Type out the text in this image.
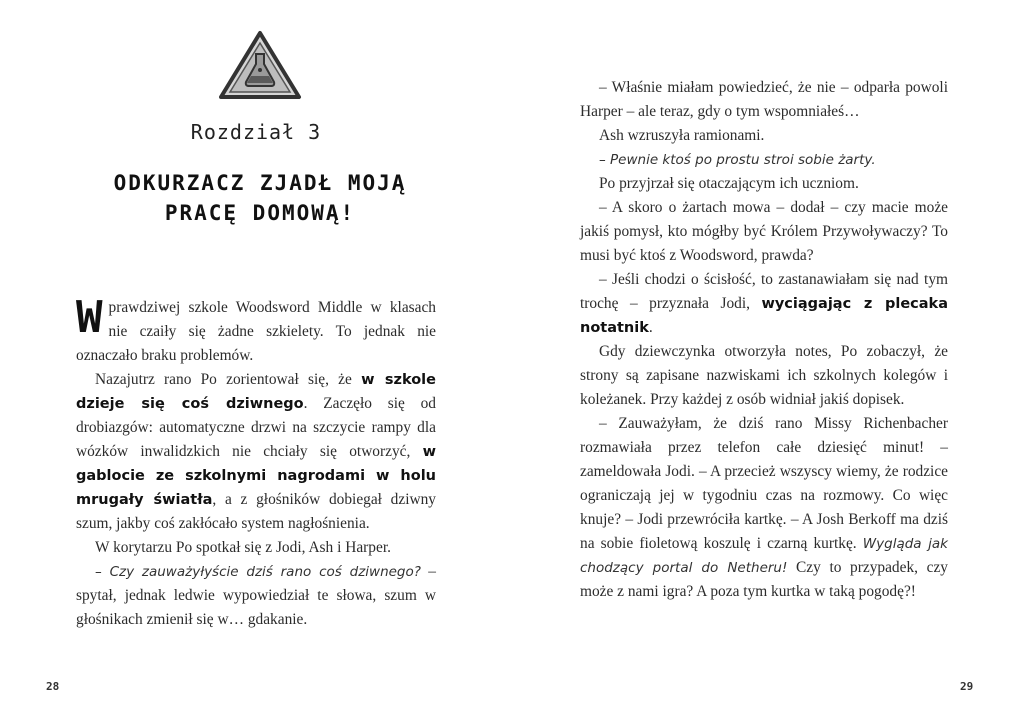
Rozdział 3
ODKURZACZ ZJADŁ MOJĄ
PRACĘ DOMOWĄ!

Wprawdziwej szkole Woodsword Middle w klasach nie czaiły się żadne szkielety. To jednak nie oznaczało braku problemów.

Nazajutrz rano Po zorientował się, że w szkole dzieje się coś dziwnego. Zaczęło się od drobiazgów: automatyczne drzwi na szczycie rampy dla wózków inwalidzkich nie chciały się otworzyć, w gablocie ze szkolnymi nagrodami w holu mrugały światła, a z głośników dobiegał dziwny szum, jakby coś zakłócało system nagłośnienia.

W korytarzu Po spotkał się z Jodi, Ash i Harper.

– Czy zauważyłyście dziś rano coś dziwnego? – spytał, jednak ledwie wypowiedział te słowa, szum w głośnikach zmienił się w… gdakanie.

28

– Właśnie miałam powiedzieć, że nie – odparła powoli Harper – ale teraz, gdy o tym wspomniałeś…

Ash wzruszyła ramionami.

– Pewnie ktoś po prostu stroi sobie żarty.

Po przyjrzał się otaczającym ich uczniom.

– A skoro o żartach mowa – dodał – czy macie może jakiś pomysł, kto mógłby być Królem Przywoływaczy? To musi być ktoś z Woodsword, prawda?

– Jeśli chodzi o ścisłość, to zastanawiałam się nad tym trochę – przyznała Jodi, wyciągając z plecaka notatnik.

Gdy dziewczynka otworzyła notes, Po zobaczył, że strony są zapisane nazwiskami ich szkolnych kolegów i koleżanek. Przy każdej z osób widniał jakiś dopisek.

– Zauważyłam, że dziś rano Missy Richenbacher rozmawiała przez telefon całe dziesięć minut! – zameldowała Jodi. – A przecież wszyscy wiemy, że rodzice ograniczają jej w tygodniu czas na rozmowy. Co więc knuje? – Jodi przewróciła kartkę. – A Josh Berkoff ma dziś na sobie fioletową koszulę i czarną kurtkę. Wygląda jak chodzący portal do Netheru! Czy to przypadek, czy może z nami igra? A poza tym kurtka w taką pogodę?!

29
